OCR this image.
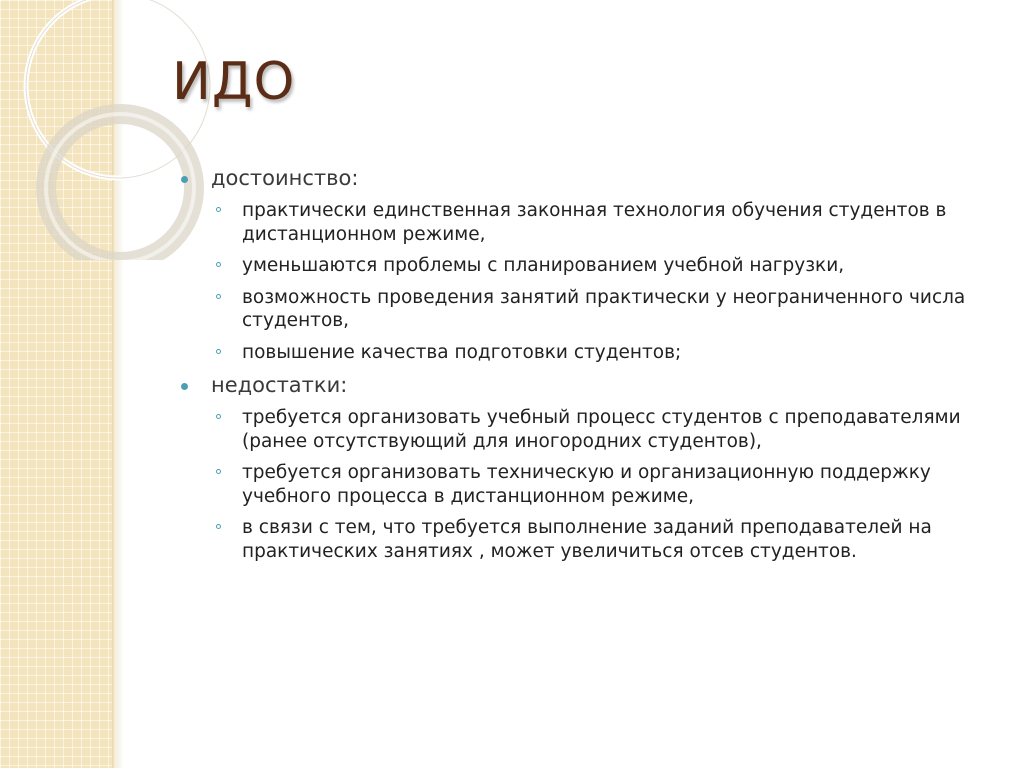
ИДО
достоинство:
практически единственная законная технология обучения студентов в дистанционном режиме,
уменьшаются проблемы с планированием учебной нагрузки,
возможность проведения занятий практически у неограниченного числа студентов,
повышение качества подготовки студентов;
недостатки:
требуется организовать учебный процесс студентов с преподавателями (ранее отсутствующий для иногородних студентов),
требуется организовать техническую и организационную поддержку учебного процесса в дистанционном режиме,
в связи с тем, что требуется выполнение заданий преподавателей на практических занятиях , может увеличиться отсев студентов.
